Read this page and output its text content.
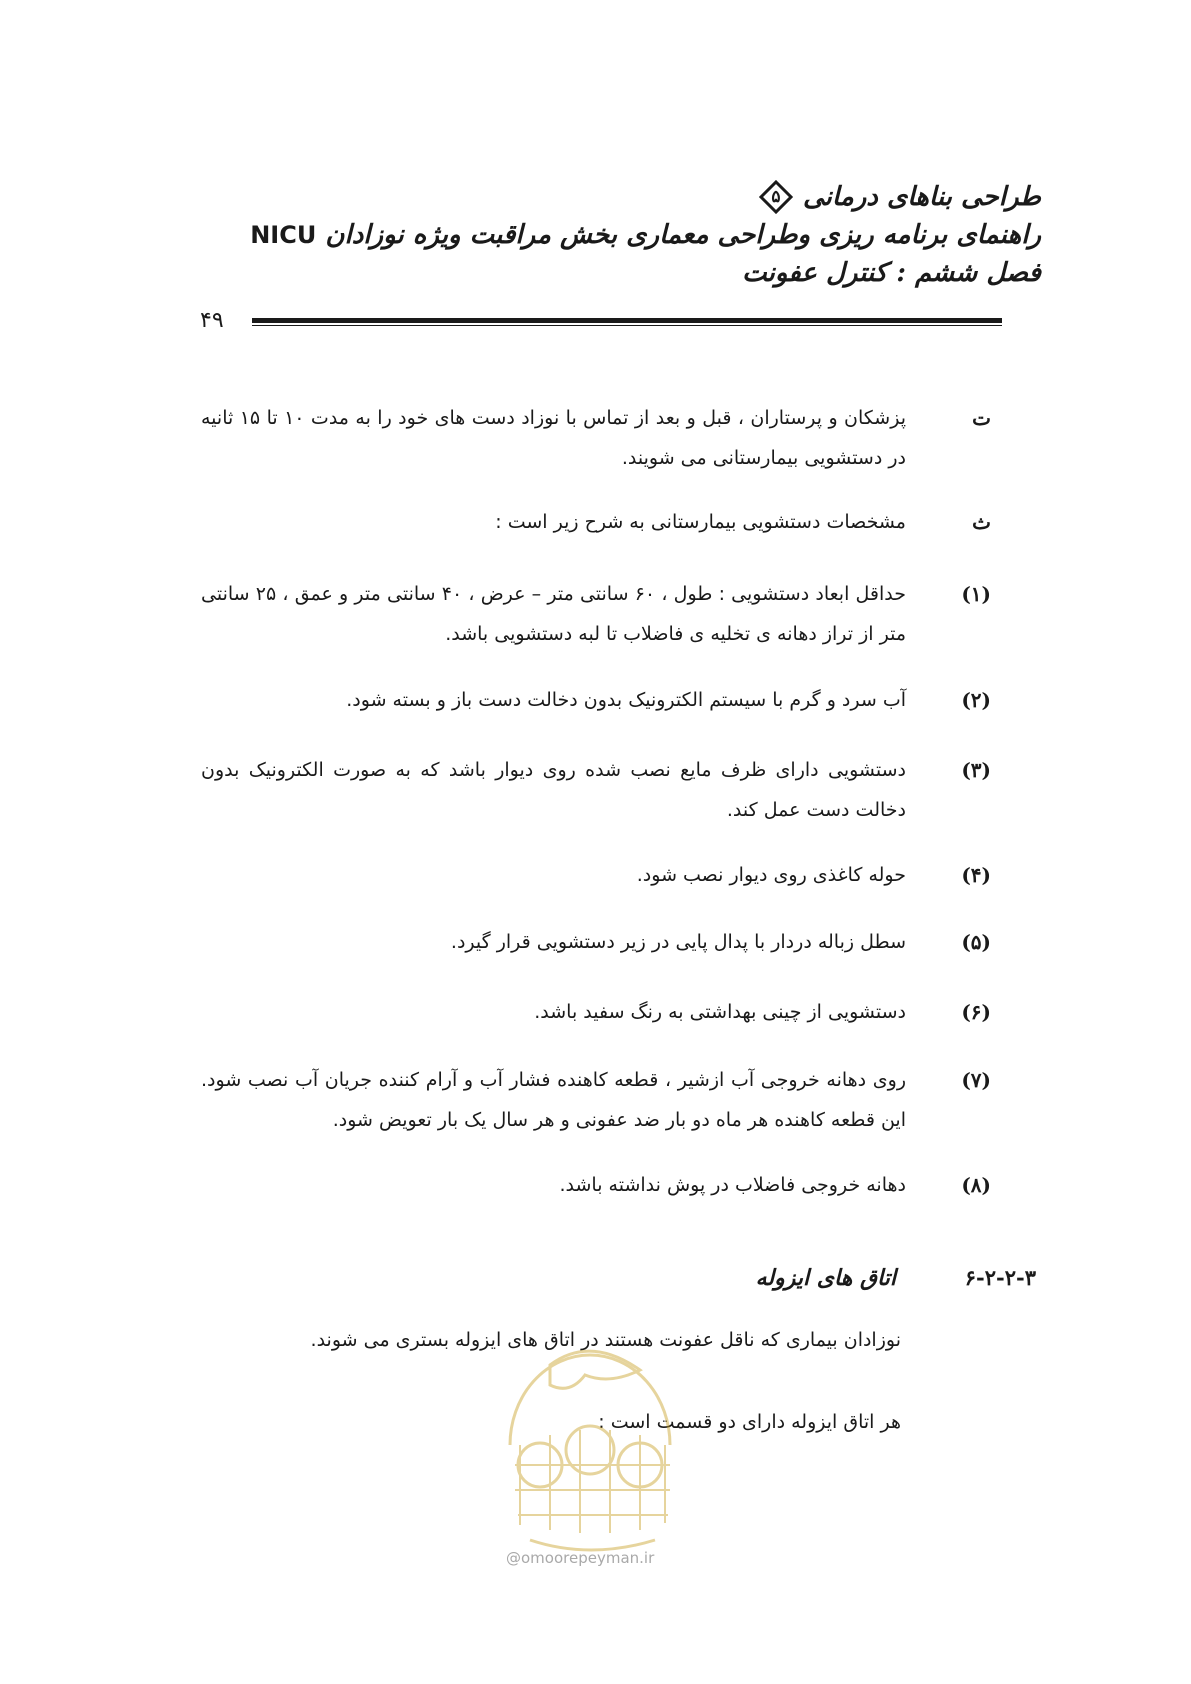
طراحی بناهای درمانی
۵
راهنمای برنامه ریزی وطراحی معماری بخش مراقبت ویژه نوزادان NICU
فصل ششم : کنترل عفونت
۴۹
ت
پزشکان و پرستاران ، قبل و بعد از تماس با نوزاد دست های خود را به مدت ۱۰ تا ۱۵ ثانیه در دستشویی بیمارستانی می شویند.
ث
مشخصات دستشویی بیمارستانی به شرح زیر است :
(۱)
حداقل ابعاد دستشویی : طول ، ۶۰ سانتی متر – عرض ، ۴۰ سانتی متر و عمق ، ۲۵ سانتی متر از تراز دهانه ی تخلیه ی فاضلاب تا لبه دستشویی باشد.
(۲)
آب سرد و گرم با سیستم الکترونیک بدون دخالت دست باز و بسته شود.
(۳)
دستشویی دارای ظرف مایع نصب شده روی دیوار باشد که به صورت الکترونیک بدون دخالت دست عمل کند.
(۴)
حوله کاغذی روی دیوار نصب شود.
(۵)
سطل زباله دردار با پدال پایی در زیر دستشویی قرار گیرد.
(۶)
دستشویی از چینی بهداشتی به رنگ سفید باشد.
(۷)
روی دهانه خروجی آب ازشیر ، قطعه کاهنده فشار آب و آرام کننده جریان آب نصب شود. این قطعه کاهنده هر ماه دو بار ضد عفونی و هر سال یک بار تعویض شود.
(۸)
دهانه خروجی فاضلاب در پوش نداشته باشد.
۶-۲-۲-۳
اتاق های ایزوله
نوزادان بیماری که ناقل عفونت هستند در اتاق های ایزوله بستری می شوند.
هر اتاق ایزوله دارای دو قسمت است :
@omoorepeyman.ir
